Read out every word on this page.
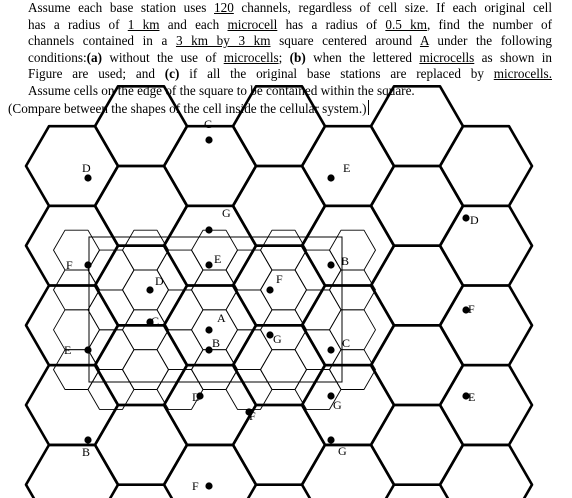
Assume each base station uses 120 channels, regardless of cell size. If each original cell
has a radius of 1 km and each microcell has a radius of 0.5 km, find the number of
channels contained in a 3 km by 3 km square centered around A under the following
conditions:(a) without the use of microcells; (b) when the lettered microcells as shown in
Figure are used; and (c) if all the original base stations are replaced by microcells.
Assume cells on the edge of the square to be contained within the square.
(Compare between the shapes of the cell inside the cellular system.)
C
D	E
G	D
F	E	B
D	F
F
C	A
E	B	G	C
D
G
E
F
B	G
F
